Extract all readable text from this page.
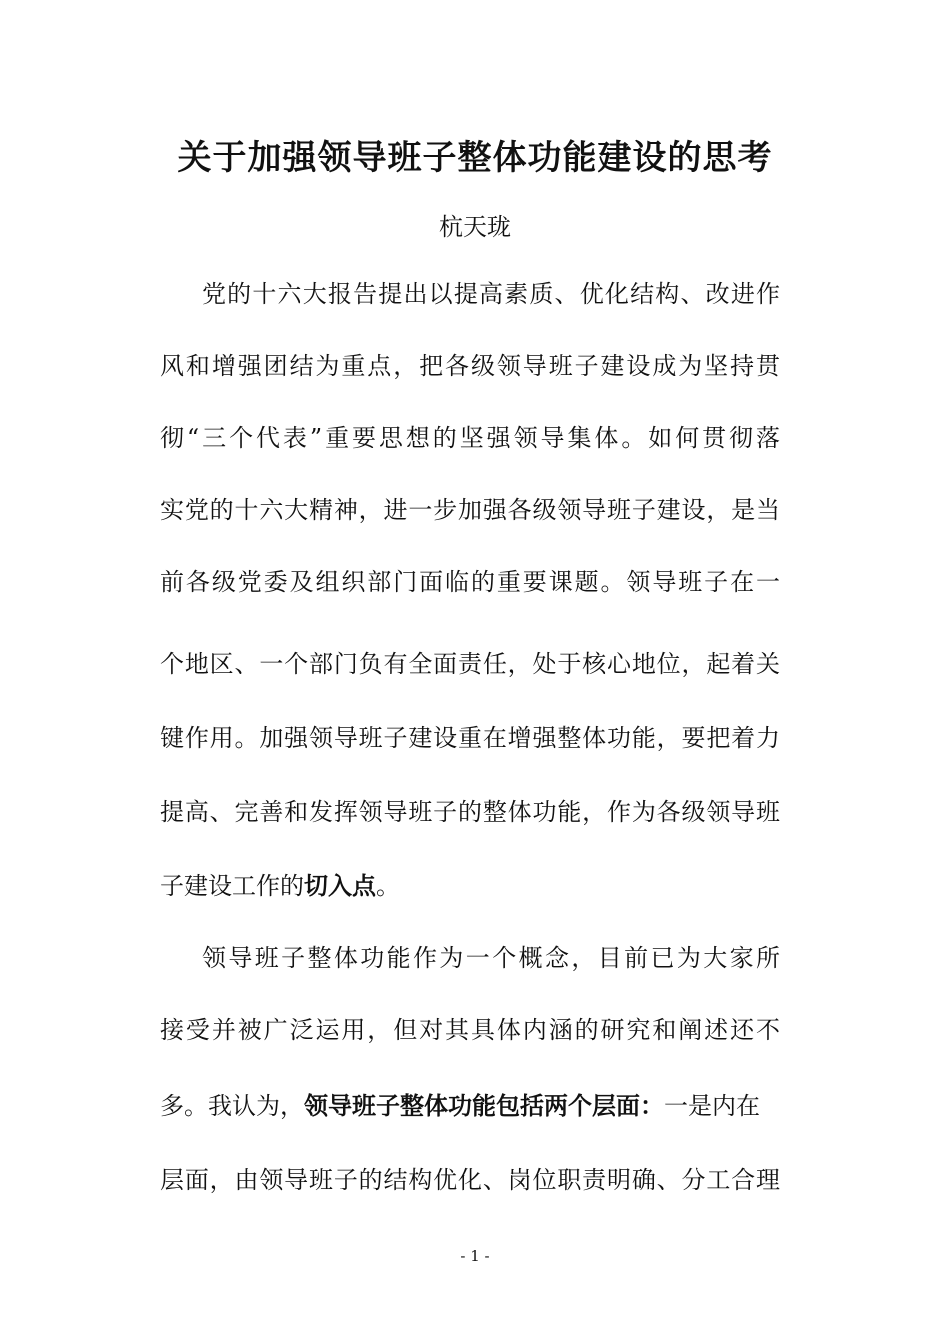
关于加强领导班子整体功能建设的思考

杭天珑

党的十六大报告提出以提高素质、优化结构、改进作

风和增强团结为重点，把各级领导班子建设成为坚持贯

彻“三个代表”重要思想的坚强领导集体。如何贯彻落

实党的十六大精神，进一步加强各级领导班子建设，是当

前各级党委及组织部门面临的重要课题。领导班子在一

个地区、一个部门负有全面责任，处于核心地位，起着关

键作用。加强领导班子建设重在增强整体功能，要把着力

提高、完善和发挥领导班子的整体功能，作为各级领导班

子建设工作的切入点。

领导班子整体功能作为一个概念，目前已为大家所

接受并被广泛运用，但对其具体内涵的研究和阐述还不

多。我认为，领导班子整体功能包括两个层面：一是内在

层面，由领导班子的结构优化、岗位职责明确、分工合理

- 1 -
